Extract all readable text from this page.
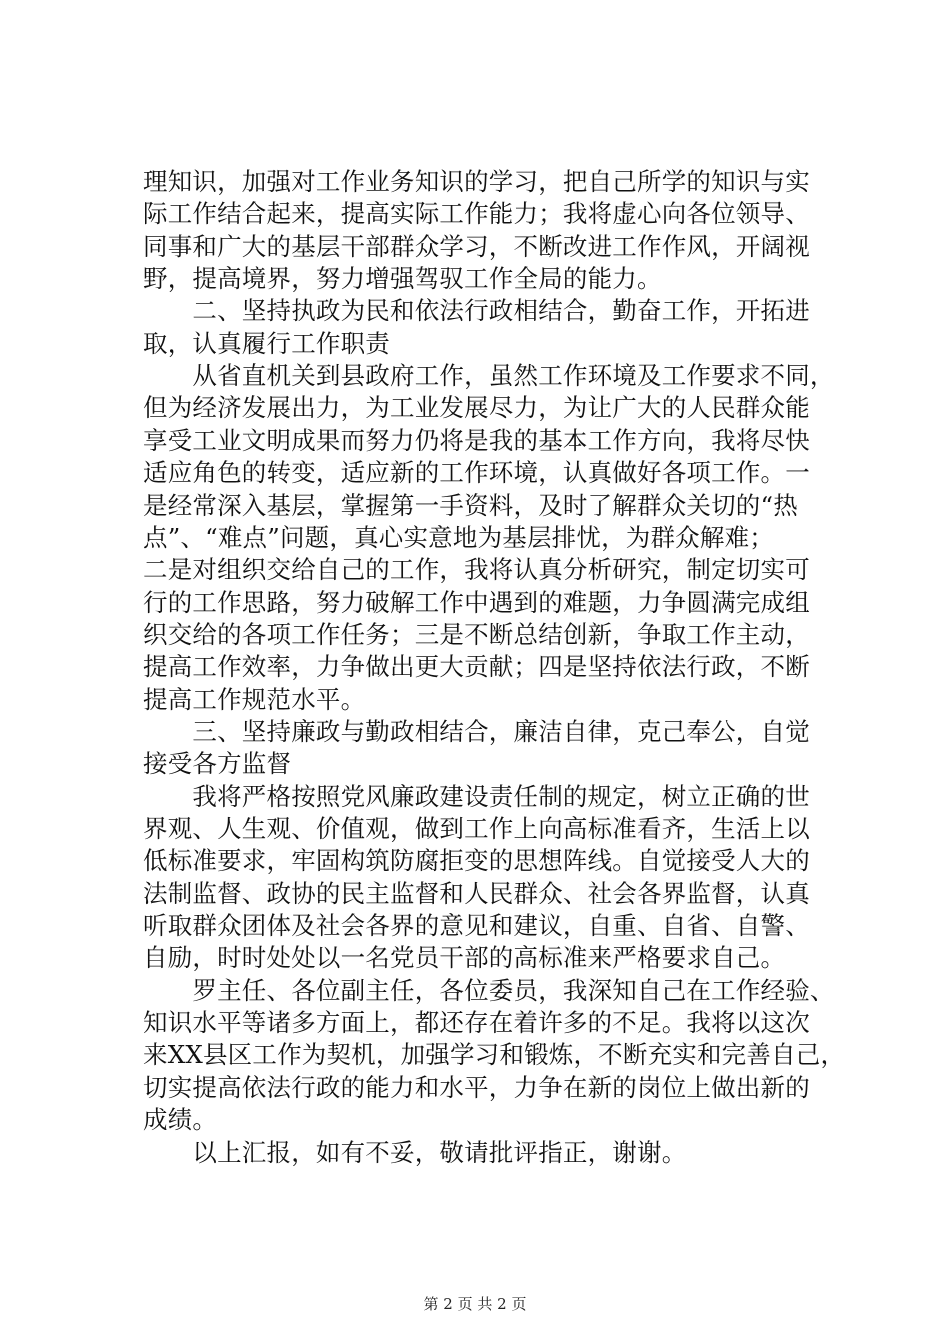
理知识，加强对工作业务知识的学习，把自己所学的知识与实
际工作结合起来，提高实际工作能力；我将虚心向各位领导、
同事和广大的基层干部群众学习，不断改进工作作风，开阔视
野，提高境界，努力增强驾驭工作全局的能力。
　　二、坚持执政为民和依法行政相结合，勤奋工作，开拓进
取，认真履行工作职责
　　从省直机关到县政府工作，虽然工作环境及工作要求不同，
但为经济发展出力，为工业发展尽力，为让广大的人民群众能
享受工业文明成果而努力仍将是我的基本工作方向，我将尽快
适应角色的转变，适应新的工作环境，认真做好各项工作。一
是经常深入基层，掌握第一手资料，及时了解群众关切的“热
点”、“难点”问题，真心实意地为基层排忧，为群众解难；
二是对组织交给自己的工作，我将认真分析研究，制定切实可
行的工作思路，努力破解工作中遇到的难题，力争圆满完成组
织交给的各项工作任务；三是不断总结创新，争取工作主动，
提高工作效率，力争做出更大贡献；四是坚持依法行政，不断
提高工作规范水平。
　　三、坚持廉政与勤政相结合，廉洁自律，克己奉公，自觉
接受各方监督
　　我将严格按照党风廉政建设责任制的规定，树立正确的世
界观、人生观、价值观，做到工作上向高标准看齐，生活上以
低标准要求，牢固构筑防腐拒变的思想阵线。自觉接受人大的
法制监督、政协的民主监督和人民群众、社会各界监督，认真
听取群众团体及社会各界的意见和建议，自重、自省、自警、
自励，时时处处以一名党员干部的高标准来严格要求自己。
　　罗主任、各位副主任，各位委员，我深知自己在工作经验、
知识水平等诸多方面上，都还存在着许多的不足。我将以这次
来XX县区工作为契机，加强学习和锻炼，不断充实和完善自己，
切实提高依法行政的能力和水平，力争在新的岗位上做出新的
成绩。
　　以上汇报，如有不妥，敬请批评指正，谢谢。
第 2 页 共 2 页
